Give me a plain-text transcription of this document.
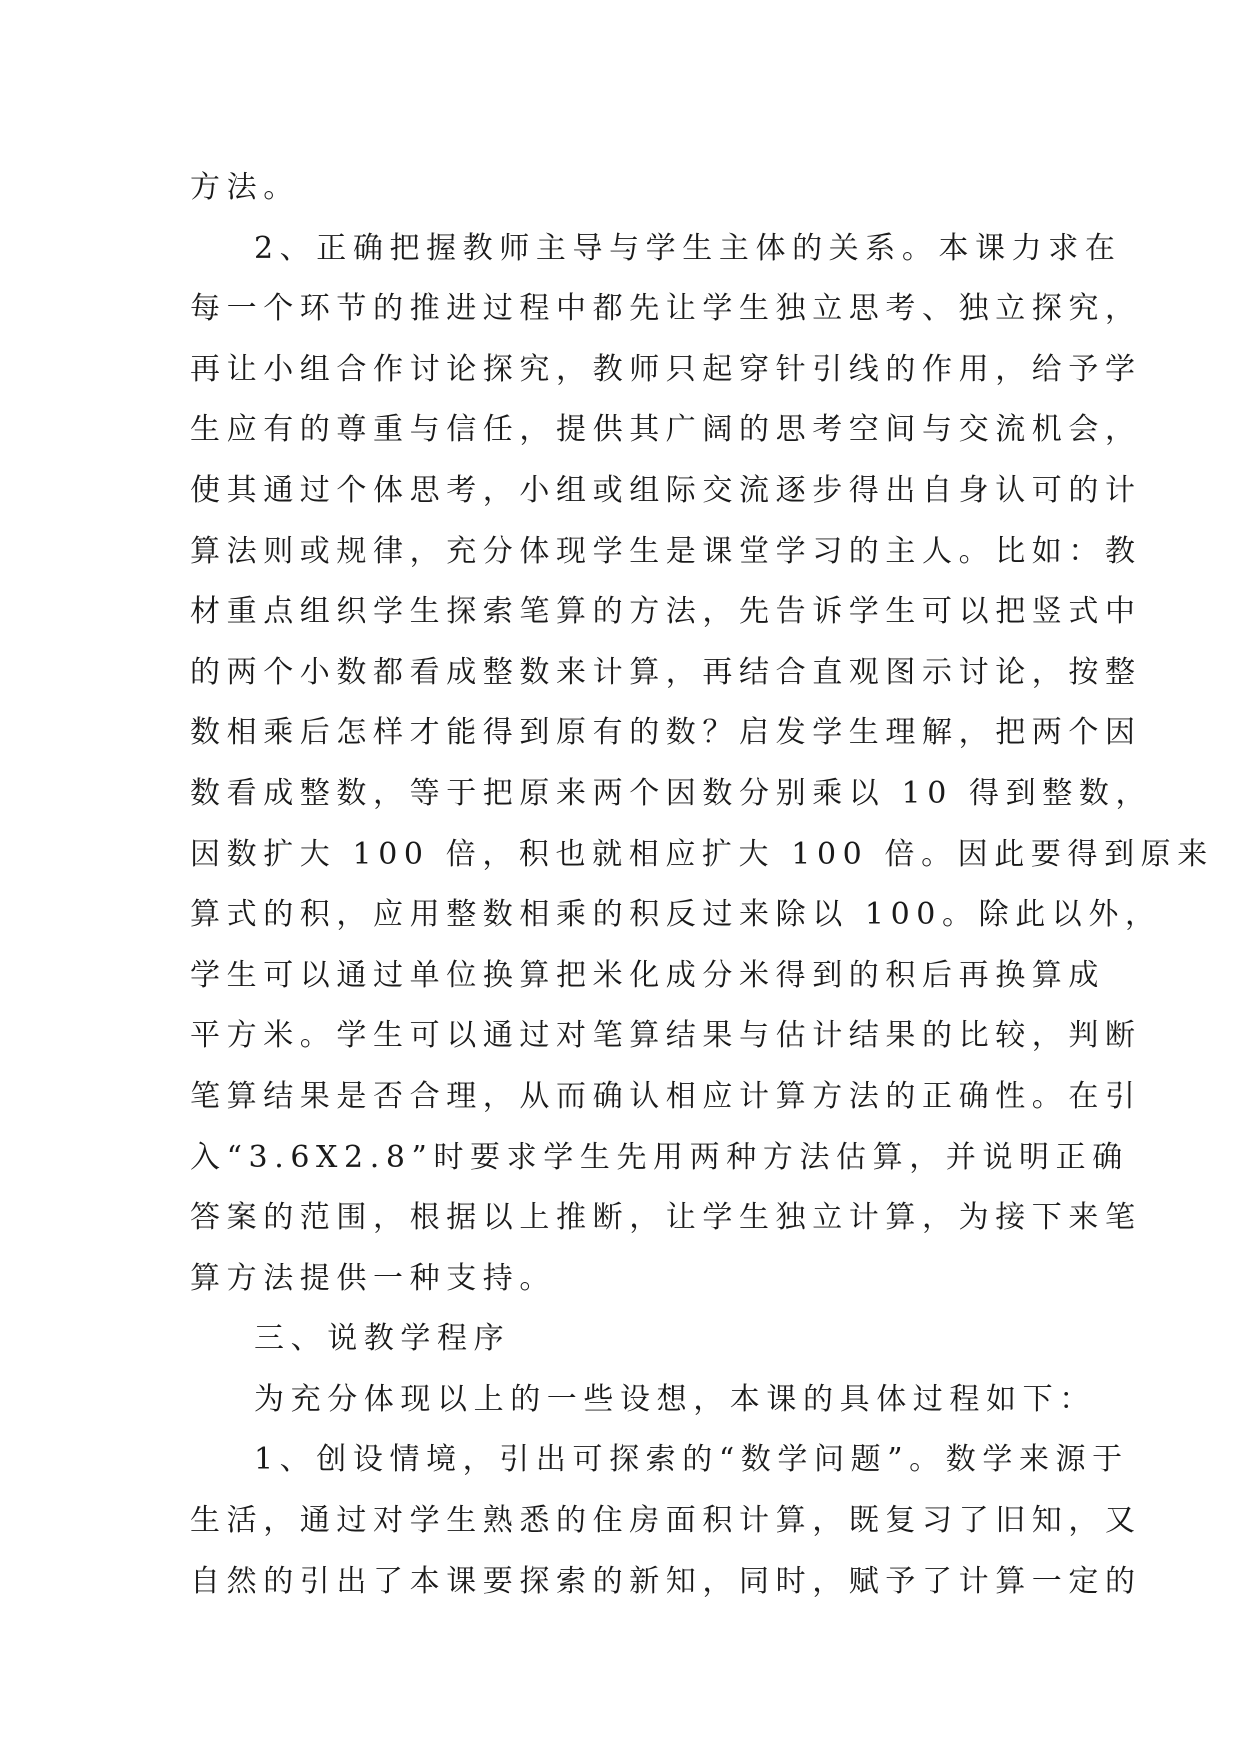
方法。
2、正确把握教师主导与学生主体的关系。本课力求在
每一个环节的推进过程中都先让学生独立思考、独立探究，
再让小组合作讨论探究，教师只起穿针引线的作用，给予学
生应有的尊重与信任，提供其广阔的思考空间与交流机会，
使其通过个体思考，小组或组际交流逐步得出自身认可的计
算法则或规律，充分体现学生是课堂学习的主人。比如：教
材重点组织学生探索笔算的方法，先告诉学生可以把竖式中
的两个小数都看成整数来计算，再结合直观图示讨论，按整
数相乘后怎样才能得到原有的数？启发学生理解，把两个因
数看成整数，等于把原来两个因数分别乘以 10 得到整数，
因数扩大 100 倍，积也就相应扩大 100 倍。因此要得到原来
算式的积，应用整数相乘的积反过来除以 100。除此以外，
学生可以通过单位换算把米化成分米得到的积后再换算成
平方米。学生可以通过对笔算结果与估计结果的比较，判断
笔算结果是否合理，从而确认相应计算方法的正确性。在引
入“3.6X2.8”时要求学生先用两种方法估算，并说明正确
答案的范围，根据以上推断，让学生独立计算，为接下来笔
算方法提供一种支持。
三、说教学程序
为充分体现以上的一些设想，本课的具体过程如下：
1、创设情境，引出可探索的“数学问题”。数学来源于
生活，通过对学生熟悉的住房面积计算，既复习了旧知，又
自然的引出了本课要探索的新知，同时，赋予了计算一定的
